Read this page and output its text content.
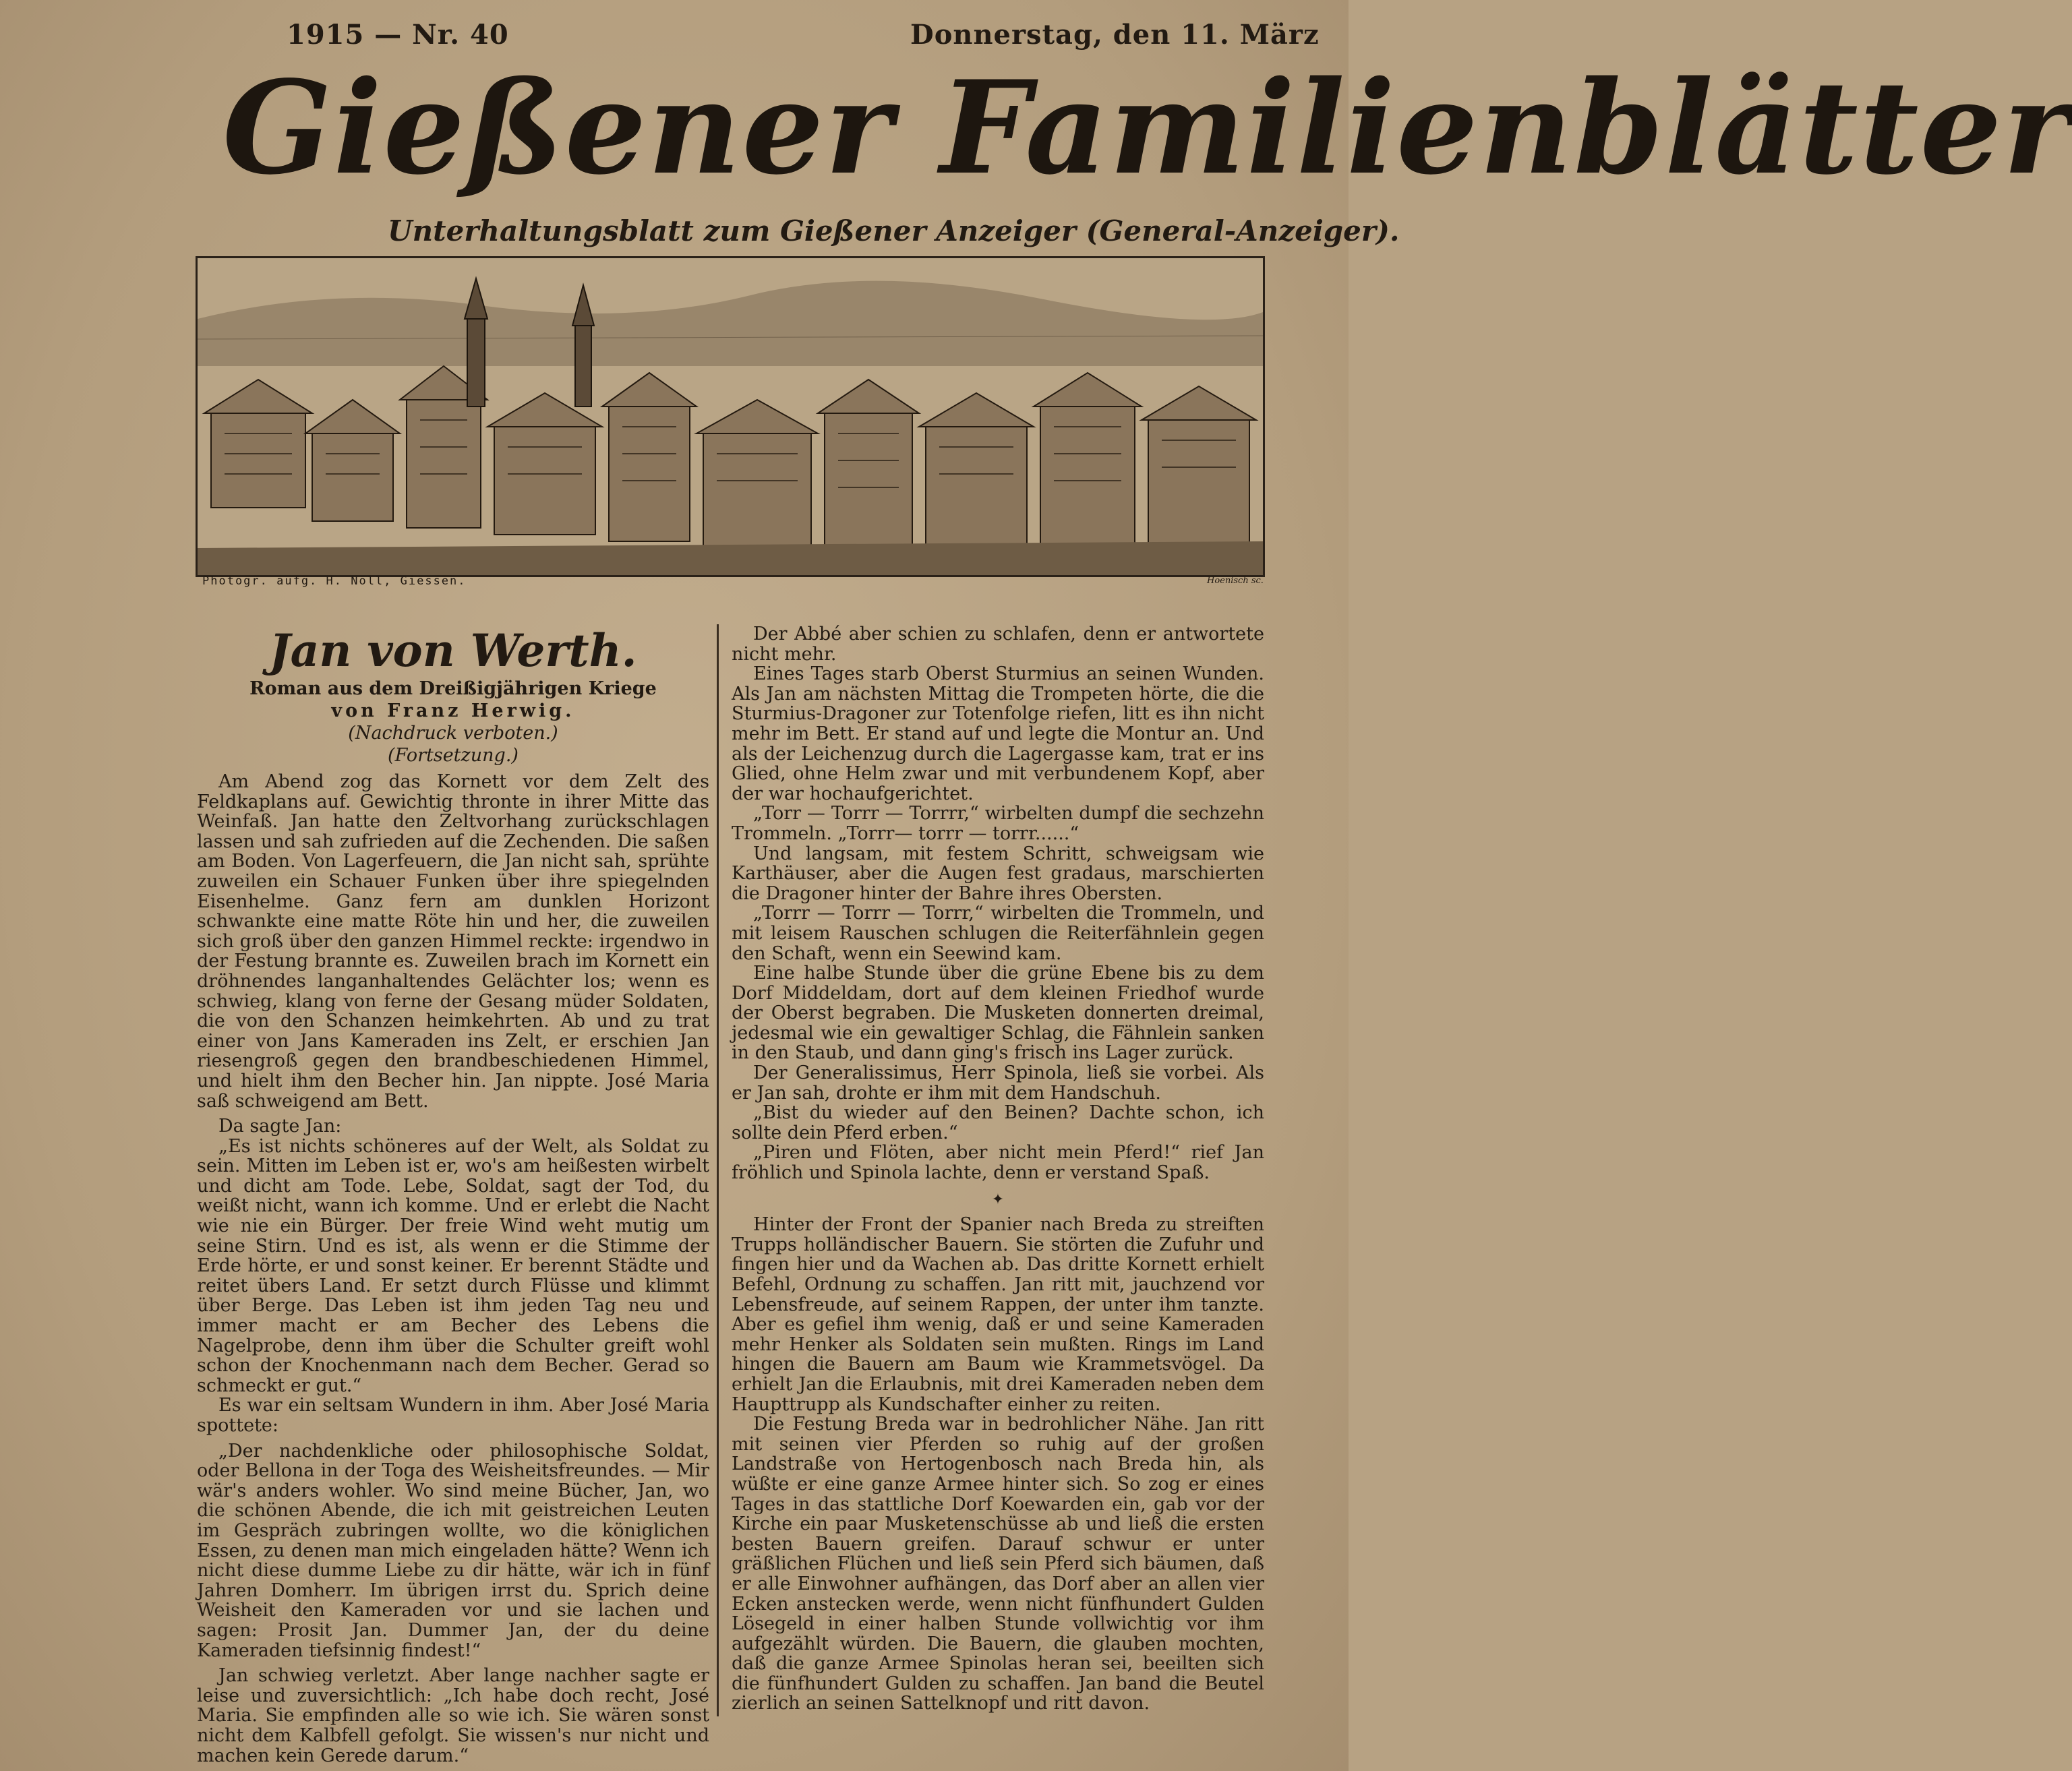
1915 — Nr. 40	Donnerstag, den 11. März
Gießener Familienblätter
Unterhaltungsblatt zum Gießener Anzeiger (General-Anzeiger).
Photogr. aufg. H. Noll, Giessen.	Hoenisch sc.
Jan von Werth.
Roman aus dem Dreißigjährigen Kriege
von Franz Herwig.
(Nachdruck verboten.)
(Fortsetzung.)

Am Abend zog das Kornett vor dem Zelt des Feldkaplans auf. Gewichtig thronte in ihrer Mitte das Weinfaß. Jan hatte den Zeltvorhang zurückschlagen lassen und sah zufrieden auf die Zechenden. Die saßen am Boden. Von Lagerfeuern, die Jan nicht sah, sprühte zuweilen ein Schauer Funken über ihre spiegelnden Eisenhelme. Ganz fern am dunklen Horizont schwankte eine matte Röte hin und her, die zuweilen sich groß über den ganzen Himmel reckte: irgendwo in der Festung brannte es. Zuweilen brach im Kornett ein dröhnendes langanhaltendes Gelächter los; wenn es schwieg, klang von ferne der Gesang müder Soldaten, die von den Schanzen heimkehrten. Ab und zu trat einer von Jans Kameraden ins Zelt, er erschien Jan riesengroß gegen den brandbeschiedenen Himmel, und hielt ihm den Becher hin. Jan nippte. José Maria saß schweigend am Bett.

Da sagte Jan:

„Es ist nichts schöneres auf der Welt, als Soldat zu sein. Mitten im Leben ist er, wo's am heißesten wirbelt und dicht am Tode. Lebe, Soldat, sagt der Tod, du weißt nicht, wann ich komme. Und er erlebt die Nacht wie nie ein Bürger. Der freie Wind weht mutig um seine Stirn. Und es ist, als wenn er die Stimme der Erde hörte, er und sonst keiner. Er berennt Städte und reitet übers Land. Er setzt durch Flüsse und klimmt über Berge. Das Leben ist ihm jeden Tag neu und immer macht er am Becher des Lebens die Nagelprobe, denn ihm über die Schulter greift wohl schon der Knochenmann nach dem Becher. Gerad so schmeckt er gut.“

Es war ein seltsam Wundern in ihm. Aber José Maria spottete:

„Der nachdenkliche oder philosophische Soldat, oder Bellona in der Toga des Weisheitsfreundes. — Mir wär's anders wohler. Wo sind meine Bücher, Jan, wo die schönen Abende, die ich mit geistreichen Leuten im Gespräch zubringen wollte, wo die königlichen Essen, zu denen man mich eingeladen hätte? Wenn ich nicht diese dumme Liebe zu dir hätte, wär ich in fünf Jahren Domherr. Im übrigen irrst du. Sprich deine Weisheit den Kameraden vor und sie lachen und sagen: Prosit Jan. Dummer Jan, der du deine Kameraden tiefsinnig findest!“

Jan schwieg verletzt. Aber lange nachher sagte er leise und zuversichtlich: „Ich habe doch recht, José Maria. Sie empfinden alle so wie ich. Sie wären sonst nicht dem Kalbfell gefolgt. Sie wissen's nur nicht und machen kein Gerede darum.“

Der Abbé aber schien zu schlafen, denn er antwortete nicht mehr.

Eines Tages starb Oberst Sturmius an seinen Wunden. Als Jan am nächsten Mittag die Trompeten hörte, die die Sturmius-Dragoner zur Totenfolge riefen, litt es ihn nicht mehr im Bett. Er stand auf und legte die Montur an. Und als der Leichenzug durch die Lagergasse kam, trat er ins Glied, ohne Helm zwar und mit verbundenem Kopf, aber der war hochaufgerichtet.

„Torr — Torrr — Torrrr,“ wirbelten dumpf die sechzehn Trommeln. „Torrr— torrr — torrr......“

Und langsam, mit festem Schritt, schweigsam wie Karthäuser, aber die Augen fest gradaus, marschierten die Dragoner hinter der Bahre ihres Obersten.

„Torrr — Torrr — Torrr,“ wirbelten die Trommeln, und mit leisem Rauschen schlugen die Reiterfähnlein gegen den Schaft, wenn ein Seewind kam.

Eine halbe Stunde über die grüne Ebene bis zu dem Dorf Middeldam, dort auf dem kleinen Friedhof wurde der Oberst begraben. Die Musketen donnerten dreimal, jedesmal wie ein gewaltiger Schlag, die Fähnlein sanken in den Staub, und dann ging's frisch ins Lager zurück.

Der Generalissimus, Herr Spinola, ließ sie vorbei. Als er Jan sah, drohte er ihm mit dem Handschuh.

„Bist du wieder auf den Beinen? Dachte schon, ich sollte dein Pferd erben.“

„Piren und Flöten, aber nicht mein Pferd!“ rief Jan fröhlich und Spinola lachte, denn er verstand Spaß.

✦

Hinter der Front der Spanier nach Breda zu streiften Trupps holländischer Bauern. Sie störten die Zufuhr und fingen hier und da Wachen ab. Das dritte Kornett erhielt Befehl, Ordnung zu schaffen. Jan ritt mit, jauchzend vor Lebensfreude, auf seinem Rappen, der unter ihm tanzte. Aber es gefiel ihm wenig, daß er und seine Kameraden mehr Henker als Soldaten sein mußten. Rings im Land hingen die Bauern am Baum wie Krammetsvögel. Da erhielt Jan die Erlaubnis, mit drei Kameraden neben dem Haupttrupp als Kundschafter einher zu reiten.

Die Festung Breda war in bedrohlicher Nähe. Jan ritt mit seinen vier Pferden so ruhig auf der großen Landstraße von Hertogenbosch nach Breda hin, als wüßte er eine ganze Armee hinter sich. So zog er eines Tages in das stattliche Dorf Koewarden ein, gab vor der Kirche ein paar Musketenschüsse ab und ließ die ersten besten Bauern greifen. Darauf schwur er unter gräßlichen Flüchen und ließ sein Pferd sich bäumen, daß er alle Einwohner aufhängen, das Dorf aber an allen vier Ecken anstecken werde, wenn nicht fünfhundert Gulden Lösegeld in einer halben Stunde vollwichtig vor ihm aufgezählt würden. Die Bauern, die glauben mochten, daß die ganze Armee Spinolas heran sei, beeilten sich die fünfhundert Gulden zu schaffen. Jan band die Beutel zierlich an seinen Sattelknopf und ritt davon.
